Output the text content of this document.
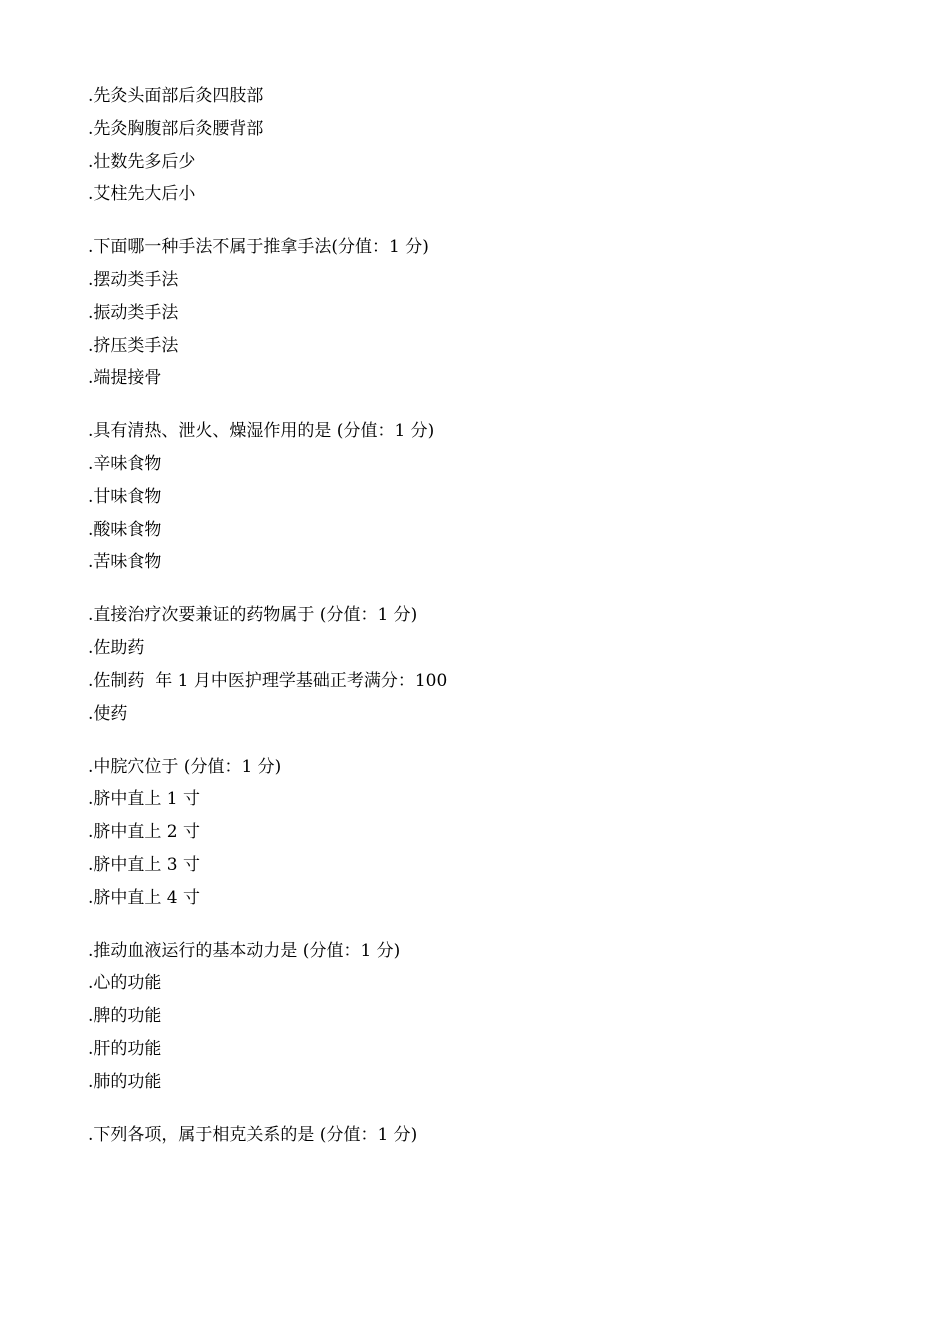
.先灸头面部后灸四肢部
.先灸胸腹部后灸腰背部
.壮数先多后少
.艾柱先大后小
.下面哪一种手法不属于推拿手法(分值：1 分)
.摆动类手法
.振动类手法
.挤压类手法
.端提接骨
.具有清热、泄火、燥湿作用的是 (分值：1 分)
.辛味食物
.甘味食物
.酸味食物
.苦味食物
.直接治疗次要兼证的药物属于 (分值：1 分)
.佐助药
.佐制药  年 1 月中医护理学基础正考满分：100
.使药
.中脘穴位于 (分值：1 分)
.脐中直上 1 寸
.脐中直上 2 寸
.脐中直上 3 寸
.脐中直上 4 寸
.推动血液运行的基本动力是 (分值：1 分)
.心的功能
.脾的功能
.肝的功能
.肺的功能
.下列各项，属于相克关系的是 (分值：1 分)
